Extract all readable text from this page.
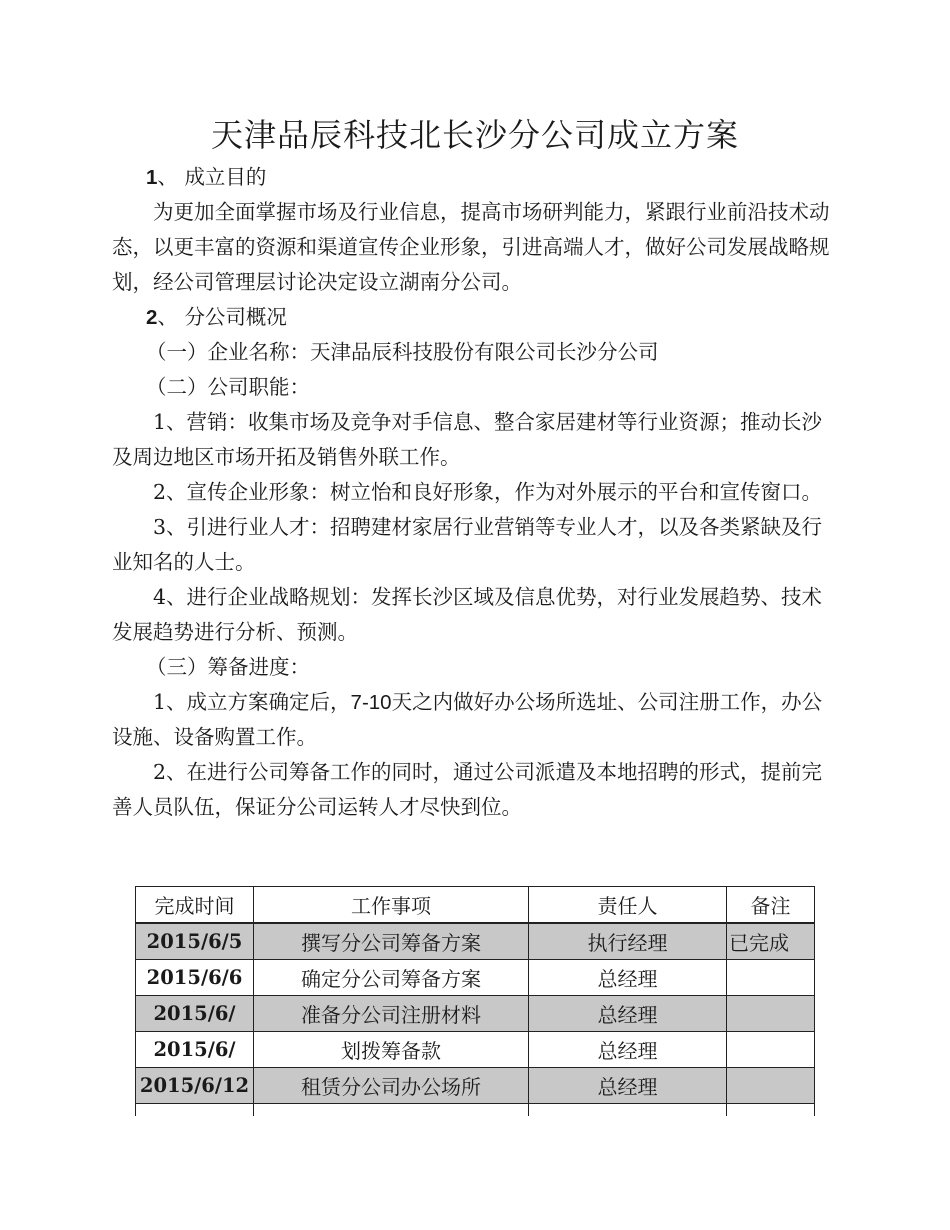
天津品辰科技北长沙分公司成立方案

1、 成立目的

为更加全面掌握市场及行业信息，提高市场研判能力，紧跟行业前沿技术动态，以更丰富的资源和渠道宣传企业形象，引进高端人才，做好公司发展战略规划，经公司管理层讨论决定设立湖南分公司。

2、 分公司概况

（一）企业名称：天津品辰科技股份有限公司长沙分公司

（二）公司职能：

1、营销：收集市场及竞争对手信息、整合家居建材等行业资源；推动长沙及周边地区市场开拓及销售外联工作。

2、宣传企业形象：树立怡和良好形象，作为对外展示的平台和宣传窗口。

3、引进行业人才：招聘建材家居行业营销等专业人才，以及各类紧缺及行业知名的人士。

4、进行企业战略规划：发挥长沙区域及信息优势，对行业发展趋势、技术发展趋势进行分析、预测。

（三）筹备进度：

1、成立方案确定后，7-10天之内做好办公场所选址、公司注册工作，办公设施、设备购置工作。

2、在进行公司筹备工作的同时，通过公司派遣及本地招聘的形式，提前完善人员队伍，保证分公司运转人才尽快到位。

完成时间	工作事项	责任人	备注
2015/6/5	撰写分公司筹备方案	执行经理	已完成
2015/6/6	确定分公司筹备方案	总经理	
2015/6/	准备分公司注册材料	总经理	
2015/6/	划拨筹备款	总经理	
2015/6/12	租赁分公司办公场所	总经理	
